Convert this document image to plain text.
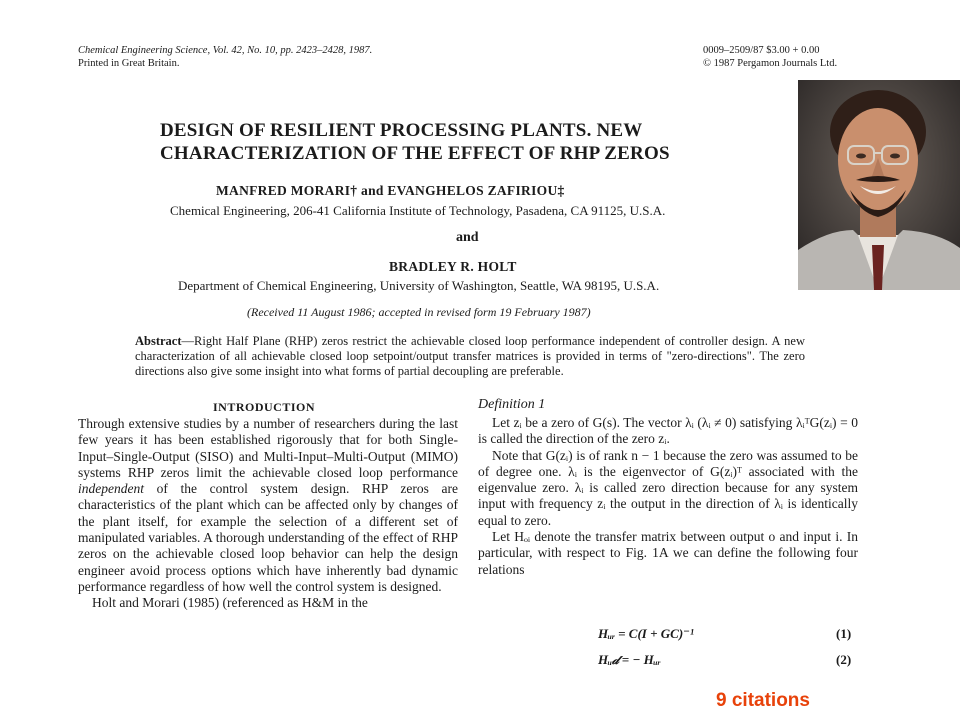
Chemical Engineering Science, Vol. 42, No. 10, pp. 2423–2428, 1987.
Printed in Great Britain.
0009–2509/87 $3.00 + 0.00
© 1987 Pergamon Journals Ltd.
DESIGN OF RESILIENT PROCESSING PLANTS. NEW
CHARACTERIZATION OF THE EFFECT OF RHP ZEROS
MANFRED MORARI† and EVANGHELOS ZAFIRIOU‡
Chemical Engineering, 206-41 California Institute of Technology, Pasadena, CA 91125, U.S.A.
and
BRADLEY R. HOLT
Department of Chemical Engineering, University of Washington, Seattle, WA 98195, U.S.A.
(Received 11 August 1986; accepted in revised form 19 February 1987)
Abstract—Right Half Plane (RHP) zeros restrict the achievable closed loop performance independent of controller design. A new characterization of all achievable closed loop setpoint/output transfer matrices is provided in terms of "zero-directions". The zero directions also give some insight into what forms of partial decoupling are preferable.
INTRODUCTION

Through extensive studies by a number of researchers during the last few years it has been established rigorously that for both Single-Input–Single-Output (SISO) and Multi-Input–Multi-Output (MIMO) systems RHP zeros limit the achievable closed loop performance independent of the control system design. RHP zeros are characteristics of the plant which can be affected only by changes of the plant itself, for example the selection of a different set of manipulated variables. A thorough understanding of the effect of RHP zeros on the achievable closed loop behavior can help the design engineer avoid process options which have inherently bad dynamic performance regardless of how well the control system is designed.

Holt and Morari (1985) (referenced as H&M in the

Definition 1

Let zᵢ be a zero of G(s). The vector λᵢ (λᵢ ≠ 0) satisfying λᵢᵀG(zᵢ) = 0 is called the direction of the zero zᵢ.

Note that G(zᵢ) is of rank n − 1 because the zero was assumed to be of degree one. λᵢ is the eigenvector of G(zᵢ)ᵀ associated with the eigenvalue zero. λᵢ is called zero direction because for any system input with frequency zᵢ the output in the direction of λᵢ is identically equal to zero.

Let Hₒᵢ denote the transfer matrix between output o and input i. In particular, with respect to Fig. 1A we can define the following four relations

Hᵤᵣ = C(I + GC)⁻¹	(1)
Hᵤ𝒹 = − Hᵤᵣ	(2)
9 citations
